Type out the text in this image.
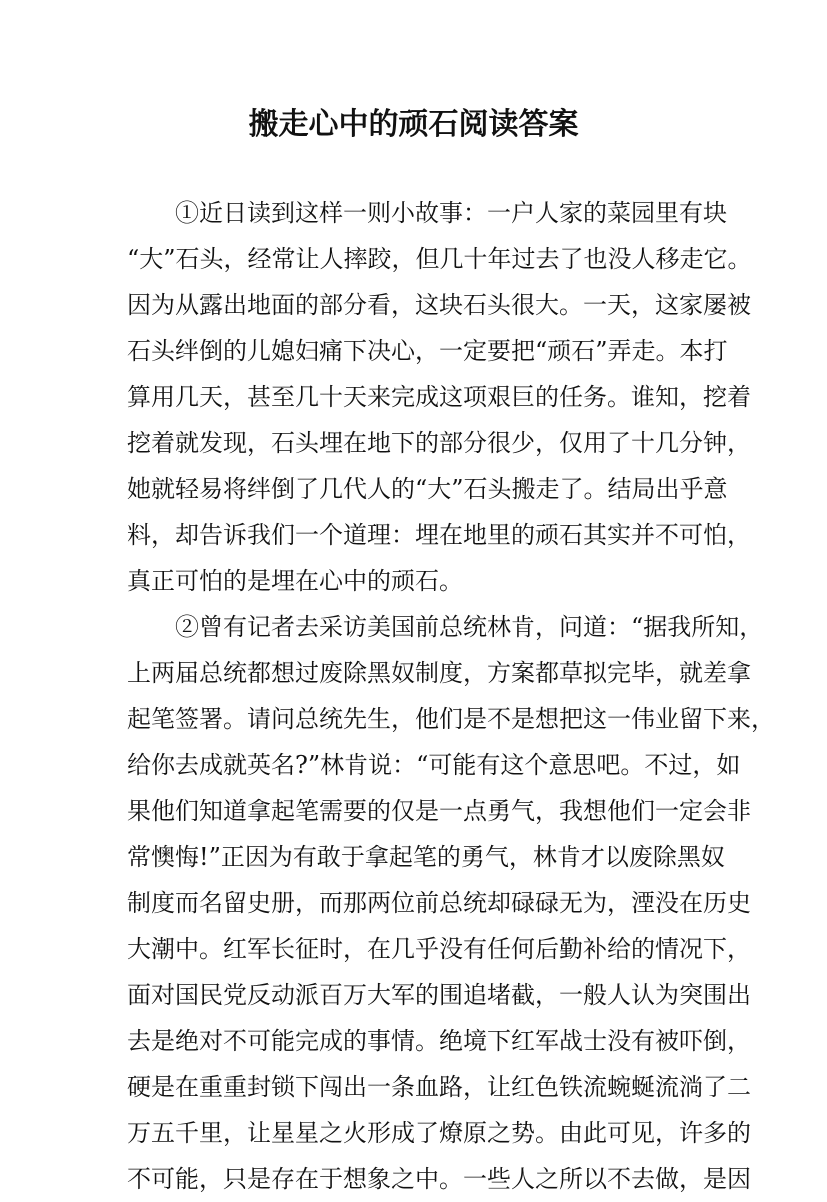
搬走心中的顽石阅读答案
①近日读到这样一则小故事：一户人家的菜园里有块
“大”石头，经常让人摔跤，但几十年过去了也没人移走它。
因为从露出地面的部分看，这块石头很大。一天，这家屡被
石头绊倒的儿媳妇痛下决心，一定要把“顽石”弄走。本打
算用几天，甚至几十天来完成这项艰巨的任务。谁知，挖着
挖着就发现，石头埋在地下的部分很少，仅用了十几分钟，
她就轻易将绊倒了几代人的“大”石头搬走了。结局出乎意
料，却告诉我们一个道理：埋在地里的顽石其实并不可怕，
真正可怕的是埋在心中的顽石。
②曾有记者去采访美国前总统林肯，问道：“据我所知，
上两届总统都想过废除黑奴制度，方案都草拟完毕，就差拿
起笔签署。请问总统先生，他们是不是想把这一伟业留下来，
给你去成就英名?”林肯说：“可能有这个意思吧。不过，如
果他们知道拿起笔需要的仅是一点勇气，我想他们一定会非
常懊悔!”正因为有敢于拿起笔的勇气，林肯才以废除黑奴
制度而名留史册，而那两位前总统却碌碌无为，湮没在历史
大潮中。红军长征时，在几乎没有任何后勤补给的情况下，
面对国民党反动派百万大军的围追堵截，一般人认为突围出
去是绝对不可能完成的事情。绝境下红军战士没有被吓倒，
硬是在重重封锁下闯出一条血路，让红色铁流蜿蜒流淌了二
万五千里，让星星之火形成了燎原之势。由此可见，许多的
不可能，只是存在于想象之中。一些人之所以不去做，是因
